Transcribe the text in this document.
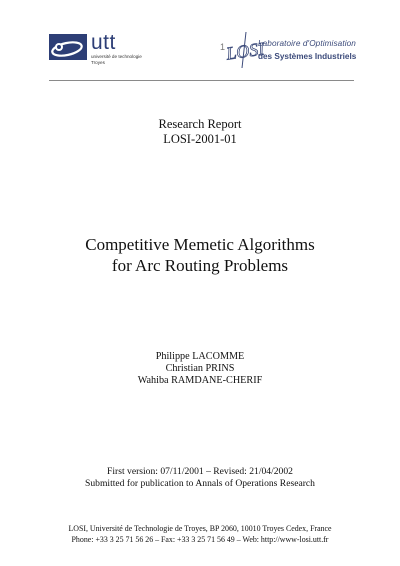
utt
université de technologie
Troyes
1 LOSI
Laboratoire d'Optimisation
des Systèmes Industriels
Research Report
LOSI-2001-01
Competitive Memetic Algorithms
for Arc Routing Problems
Philippe LACOMME
Christian PRINS
Wahiba RAMDANE-CHERIF
First version: 07/11/2001 – Revised: 21/04/2002
Submitted for publication to Annals of Operations Research
LOSI, Université de Technologie de Troyes, BP 2060, 10010 Troyes Cedex, France
Phone: +33 3 25 71 56 26 – Fax: +33 3 25 71 56 49 – Web: http://www-losi.utt.fr
